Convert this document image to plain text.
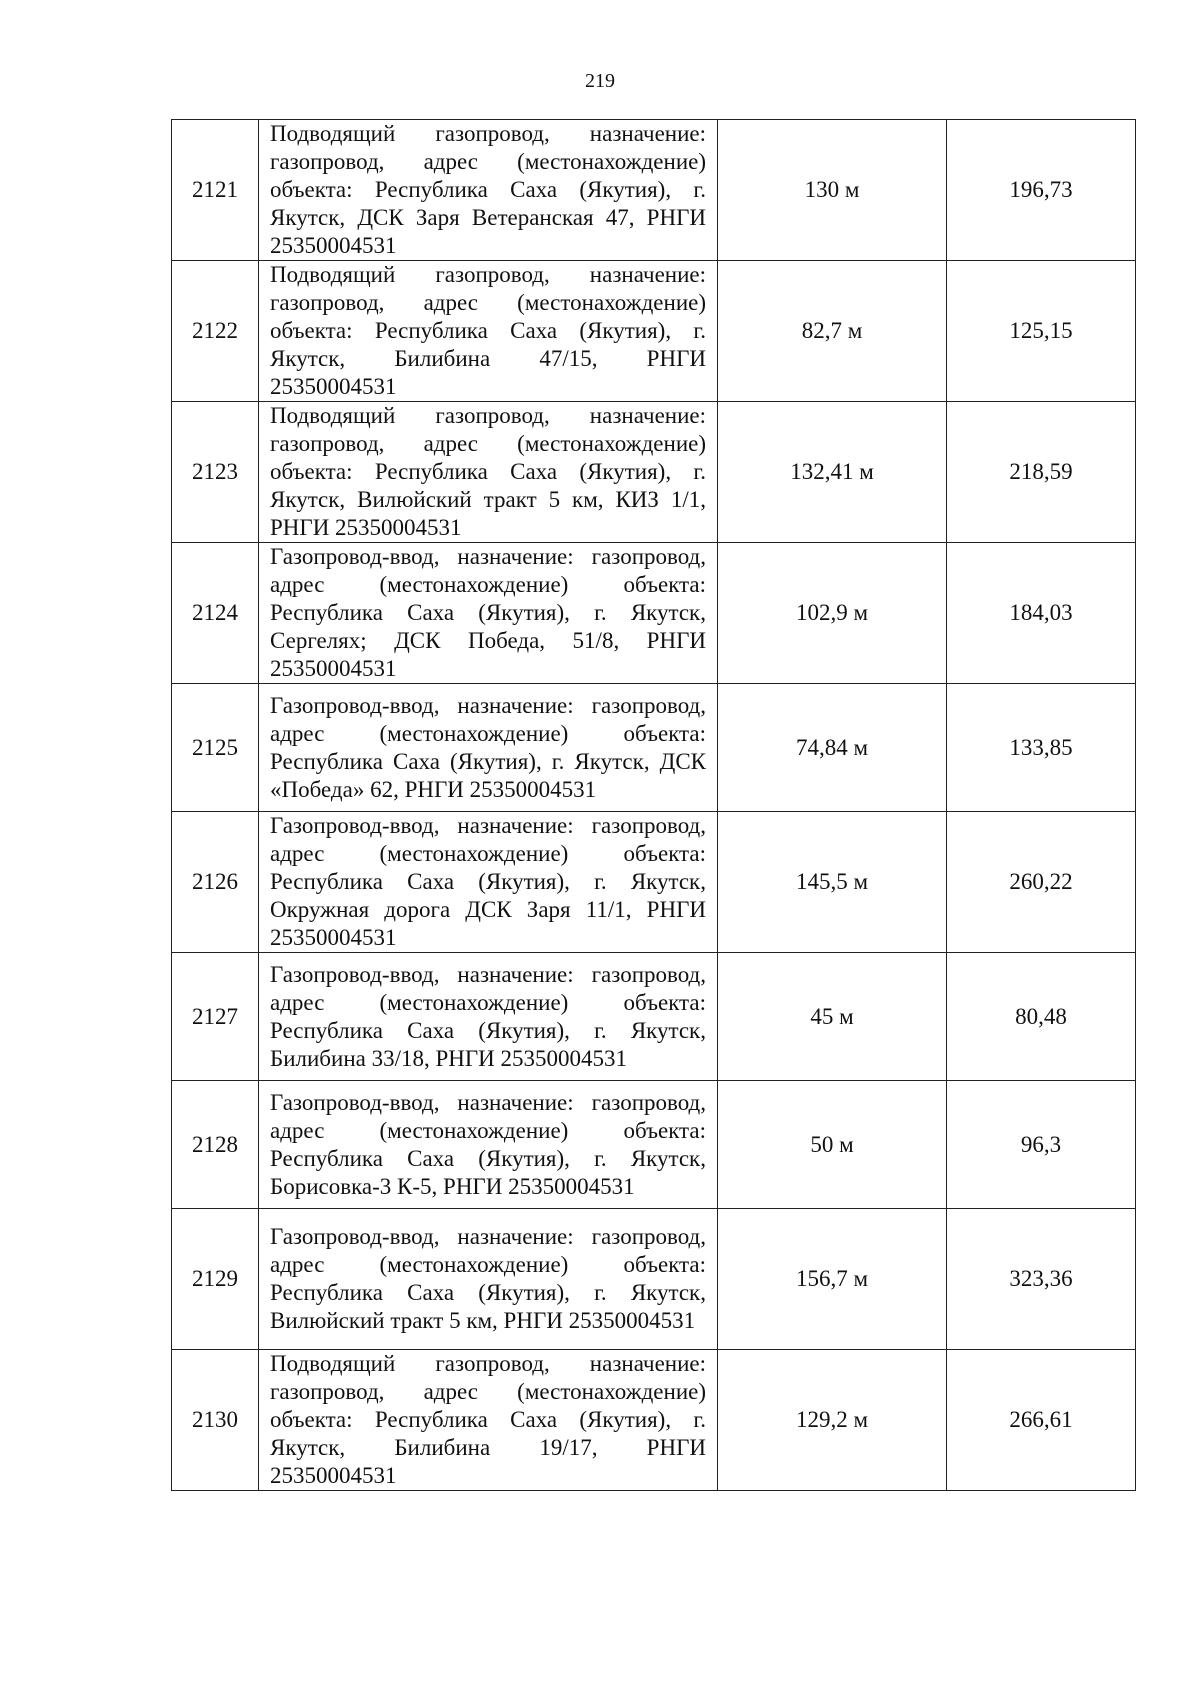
219
2121	Подводящий газопровод, назначение: газопровод, адрес (местонахождение) объекта: Республика Саха (Якутия), г. Якутск, ДСК Заря Ветеранская 47, РНГИ 25350004531	130 м	196,73
2122	Подводящий газопровод, назначение: газопровод, адрес (местонахождение) объекта: Республика Саха (Якутия), г. Якутск, Билибина 47/15, РНГИ 25350004531	82,7 м	125,15
2123	Подводящий газопровод, назначение: газопровод, адрес (местонахождение) объекта: Республика Саха (Якутия), г. Якутск, Вилюйский тракт 5 км, КИЗ 1/1, РНГИ 25350004531	132,41 м	218,59
2124	Газопровод-ввод, назначение: газопровод, адрес (местонахождение) объекта: Республика Саха (Якутия), г. Якутск, Сергелях; ДСК Победа, 51/8, РНГИ 25350004531	102,9 м	184,03
2125	Газопровод-ввод, назначение: газопровод, адрес (местонахождение) объекта: Республика Саха (Якутия), г. Якутск, ДСК «Победа» 62, РНГИ 25350004531	74,84 м	133,85
2126	Газопровод-ввод, назначение: газопровод, адрес (местонахождение) объекта: Республика Саха (Якутия), г. Якутск, Окружная дорога ДСК Заря 11/1, РНГИ 25350004531	145,5 м	260,22
2127	Газопровод-ввод, назначение: газопровод, адрес (местонахождение) объекта: Республика Саха (Якутия), г. Якутск, Билибина 33/18, РНГИ 25350004531	45 м	80,48
2128	Газопровод-ввод, назначение: газопровод, адрес (местонахождение) объекта: Республика Саха (Якутия), г. Якутск, Борисовка-3 К-5, РНГИ 25350004531	50 м	96,3
2129	Газопровод-ввод, назначение: газопровод, адрес (местонахождение) объекта: Республика Саха (Якутия), г. Якутск, Вилюйский тракт 5 км, РНГИ 25350004531	156,7 м	323,36
2130	Подводящий газопровод, назначение: газопровод, адрес (местонахождение) объекта: Республика Саха (Якутия), г. Якутск, Билибина 19/17, РНГИ 25350004531	129,2 м	266,61
